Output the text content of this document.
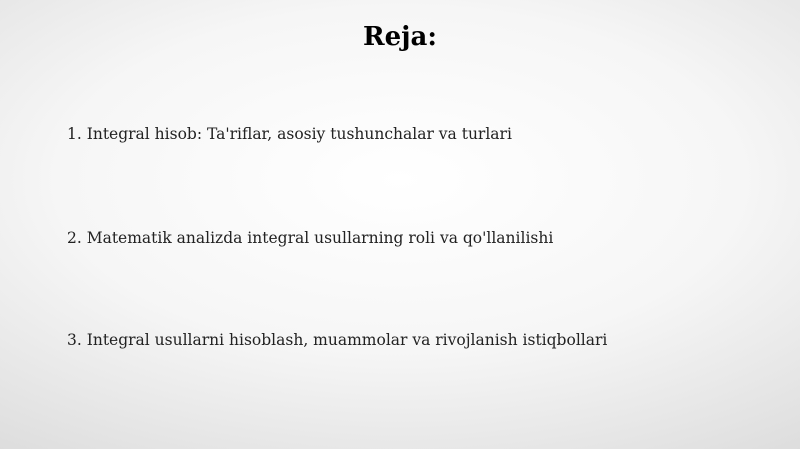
Reja:

1. Integral hisob: Ta'riflar, asosiy tushunchalar va turlari

2. Matematik analizda integral usullarning roli va qo'llanilishi

3. Integral usullarni hisoblash, muammolar va rivojlanish istiqbollari
